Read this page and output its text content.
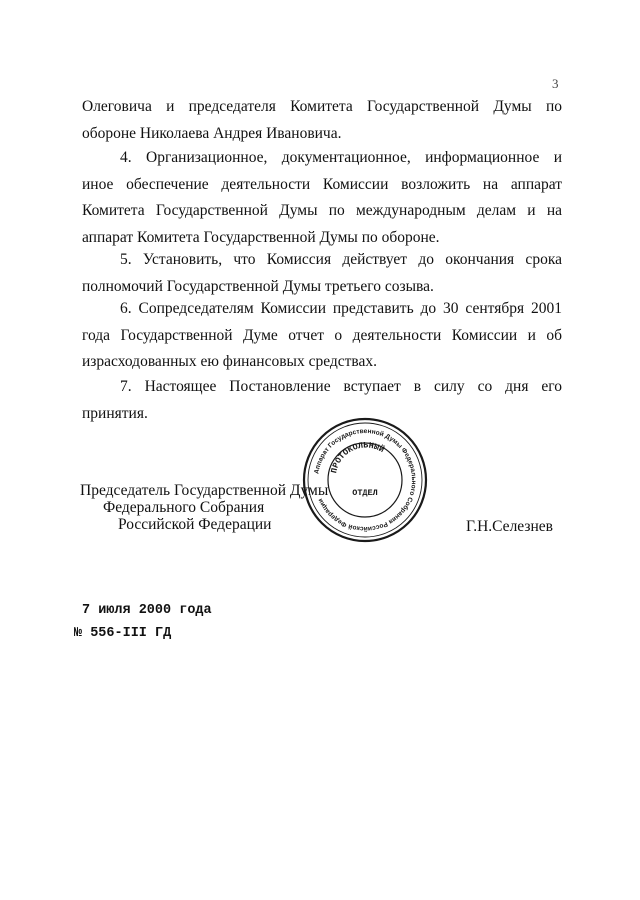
3
Олеговича и председателя Комитета Государственной Думы по
обороне Николаева Андрея Ивановича.
4. Организационное, документационное, информационное и
иное обеспечение деятельности Комиссии возложить на аппарат
Комитета Государственной Думы по международным делам и на
аппарат Комитета Государственной Думы по обороне.
5. Установить, что Комиссия действует до окончания срока
полномочий Государственной Думы третьего созыва.
6. Сопредседателям Комиссии представить до 30 сентября 2001
года Государственной Думе отчет о деятельности Комиссии и об
израсходованных ею финансовых средствах.
7. Настоящее Постановление вступает в силу со дня его
принятия.
Председатель Государственной Думы
Федерального Собрания
Российской Федерации	Г.Н.Селезнев
Аппарат Государственной Думы Федерального Собрания Российской Федерации
ПРОТОКОЛЬНЫЙ
ОТДЕЛ
7 июля 2000 года
№ 556-III ГД
